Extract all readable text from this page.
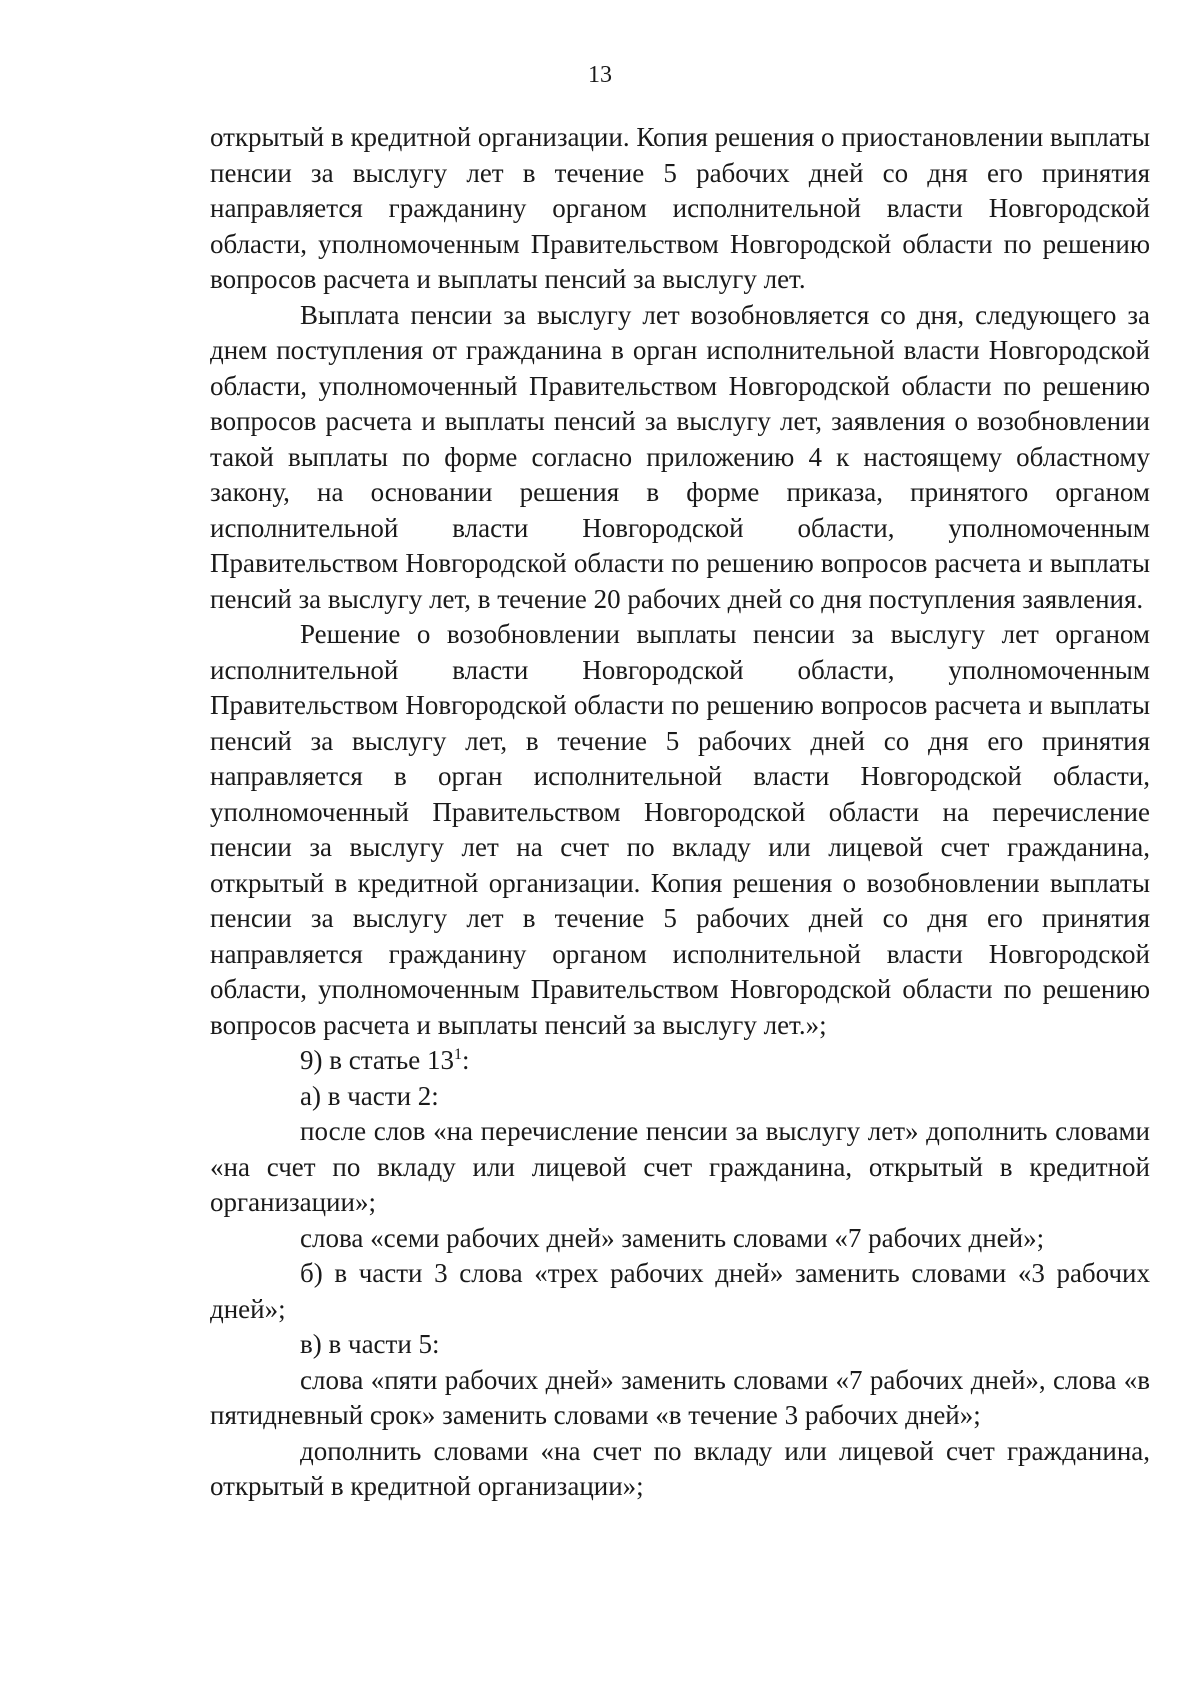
13

открытый в кредитной организации. Копия решения о приостановлении выплаты пенсии за выслугу лет в течение 5 рабочих дней со дня его принятия направляется гражданину органом исполнительной власти Новгородской области, уполномоченным Правительством Новгородской области по решению вопросов расчета и выплаты пенсий за выслугу лет.

Выплата пенсии за выслугу лет возобновляется со дня, следующего за днем поступления от гражданина в орган исполнительной власти Новгородской области, уполномоченный Правительством Новгородской области по решению вопросов расчета и выплаты пенсий за выслугу лет, заявления о возобновлении такой выплаты по форме согласно приложению 4 к настоящему областному закону, на основании решения в форме приказа, принятого органом исполнительной власти Новгородской области, уполномоченным Правительством Новгородской области по решению вопросов расчета и выплаты пенсий за выслугу лет, в течение 20 рабочих дней со дня поступления заявления.

Решение о возобновлении выплаты пенсии за выслугу лет органом исполнительной власти Новгородской области, уполномоченным Правительством Новгородской области по решению вопросов расчета и выплаты пенсий за выслугу лет, в течение 5 рабочих дней со дня его принятия направляется в орган исполнительной власти Новгородской области, уполномоченный Правительством Новгородской области на перечисление пенсии за выслугу лет на счет по вкладу или лицевой счет гражданина, открытый в кредитной организации. Копия решения о возобновлении выплаты пенсии за выслугу лет в течение 5 рабочих дней со дня его принятия направляется гражданину органом исполнительной власти Новгородской области, уполномоченным Правительством Новгородской области по решению вопросов расчета и выплаты пенсий за выслугу лет.»;

9) в статье $13^1$:

а) в части 2:

после слов «на перечисление пенсии за выслугу лет» дополнить словами «на счет по вкладу или лицевой счет гражданина, открытый в кредитной организации»;

слова «семи рабочих дней» заменить словами «7 рабочих дней»;

б) в части 3 слова «трех рабочих дней» заменить словами «3 рабочих дней»;

в) в части 5:

слова «пяти рабочих дней» заменить словами «7 рабочих дней», слова «в пятидневный срок» заменить словами «в течение 3 рабочих дней»;

дополнить словами «на счет по вкладу или лицевой счет гражданина, открытый в кредитной организации»;
